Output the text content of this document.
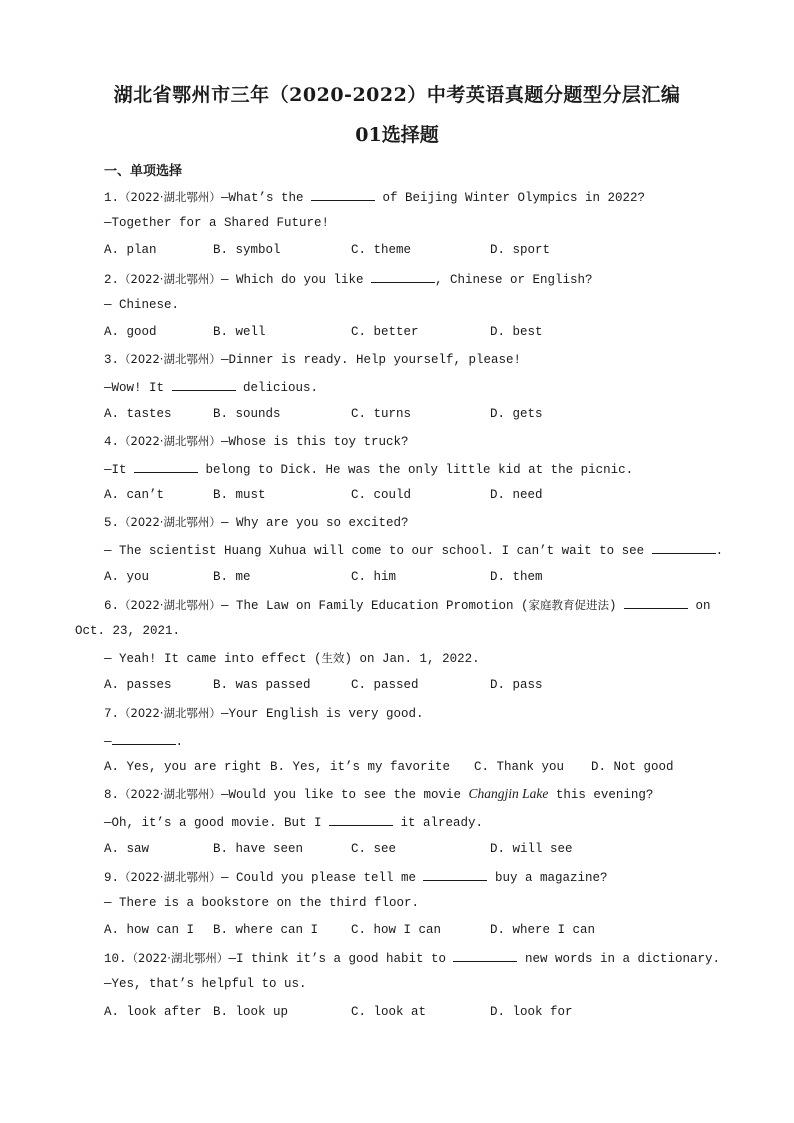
湖北省鄂州市三年（2020-2022）中考英语真题分题型分层汇编
01选择题
一、单项选择
1.（2022·湖北鄂州）—What’s the	of Beijing Winter Olympics in 2022?
—Together for a Shared Future!
A. plan	B. symbol	C. theme	D. sport
2.（2022·湖北鄂州）— Which do you like	, Chinese or English?
— Chinese.
A. good	B. well	C. better	D. best
3.（2022·湖北鄂州）—Dinner is ready. Help yourself, please!
—Wow! It	delicious.
A. tastes	B. sounds	C. turns	D. gets
4.（2022·湖北鄂州）—Whose is this toy truck?
—It	belong to Dick. He was the only little kid at the picnic.
A. can’t	B. must	C. could	D. need
5.（2022·湖北鄂州）— Why are you so excited?
— The scientist Huang Xuhua will come to our school. I can’t wait to see	.
A. you	B. me	C. him	D. them
6.（2022·湖北鄂州）— The Law on Family Education Promotion (家庭教育促进法)	on
Oct. 23, 2021.
— Yeah! It came into effect (生效) on Jan. 1, 2022.
A. passes	B. was passed	C. passed	D. pass
7.（2022·湖北鄂州）—Your English is very good.
—	.
A. Yes, you are right B. Yes, it’s my favorite C. Thank you D. Not good
8.（2022·湖北鄂州）—Would you like to see the movie Changjin Lake this evening?
—Oh, it’s a good movie. But I	it already.
A. saw	B. have seen	C. see	D. will see
9.（2022·湖北鄂州）— Could you please tell me	buy a magazine?
— There is a bookstore on the third floor.
A. how can I B. where can I	C. how I can	D. where I can
10.（2022·湖北鄂州）—I think it’s a good habit to	new words in a dictionary.
—Yes, that’s helpful to us.
A. look after B. look up	C. look at	D. look for
